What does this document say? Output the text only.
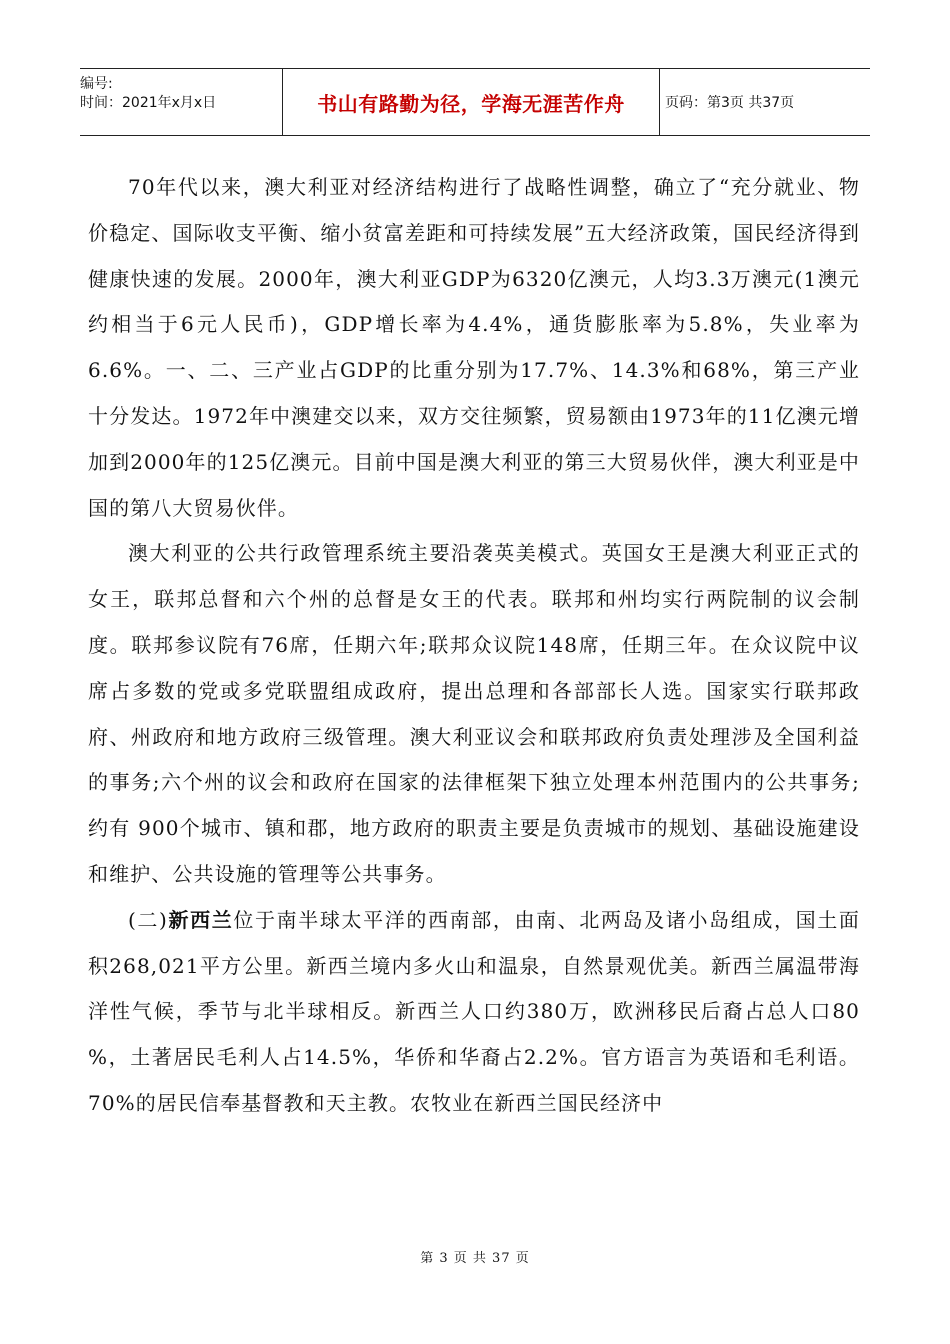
编号:
时间：2021年x月x日	书山有路勤为径，学海无涯苦作舟	页码：第3页 共37页

70年代以来，澳大利亚对经济结构进行了战略性调整，确立了“充分就业、物价稳定、国际收支平衡、缩小贫富差距和可持续发展”五大经济政策，国民经济得到健康快速的发展。2000年，澳大利亚GDP为6320亿澳元，人均3.3万澳元(1澳元约相当于6元人民币)，GDP增长率为4.4%，通货膨胀率为5.8%，失业率为6.6%。一、二、三产业占GDP的比重分别为17.7%、14.3%和68%，第三产业十分发达。1972年中澳建交以来，双方交往频繁，贸易额由1973年的11亿澳元增加到2000年的125亿澳元。目前中国是澳大利亚的第三大贸易伙伴，澳大利亚是中国的第八大贸易伙伴。

澳大利亚的公共行政管理系统主要沿袭英美模式。英国女王是澳大利亚正式的女王，联邦总督和六个州的总督是女王的代表。联邦和州均实行两院制的议会制度。联邦参议院有76席，任期六年;联邦众议院148席，任期三年。在众议院中议席占多数的党或多党联盟组成政府，提出总理和各部部长人选。国家实行联邦政府、州政府和地方政府三级管理。澳大利亚议会和联邦政府负责处理涉及全国利益的事务;六个州的议会和政府在国家的法律框架下独立处理本州范围内的公共事务;约有 900个城市、镇和郡，地方政府的职责主要是负责城市的规划、基础设施建设和维护、公共设施的管理等公共事务。

(二)新西兰位于南半球太平洋的西南部，由南、北两岛及诸小岛组成，国土面积268,021平方公里。新西兰境内多火山和温泉，自然景观优美。新西兰属温带海洋性气候，季节与北半球相反。新西兰人口约380万，欧洲移民后裔占总人口80 %，土著居民毛利人占14.5%，华侨和华裔占2.2%。官方语言为英语和毛利语。70%的居民信奉基督教和天主教。农牧业在新西兰国民经济中

第 3 页 共 37 页
